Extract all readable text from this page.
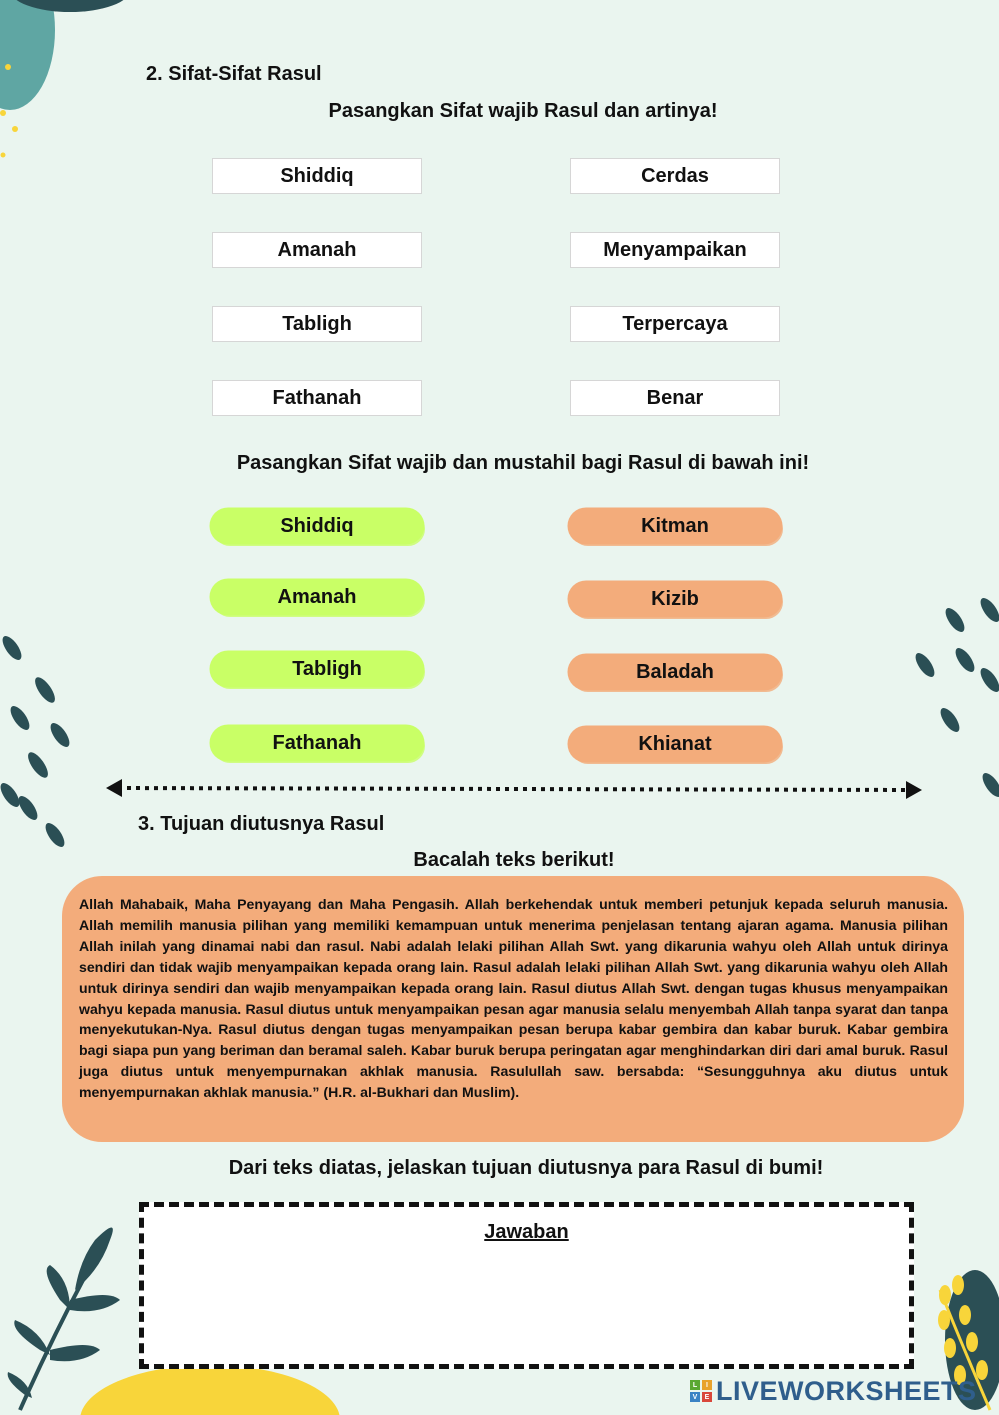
2. Sifat-Sifat Rasul
Pasangkan Sifat wajib Rasul dan artinya!
Shiddiq
Amanah
Tabligh
Fathanah
Cerdas
Menyampaikan
Terpercaya
Benar
Pasangkan Sifat wajib dan mustahil bagi Rasul di bawah ini!
Shiddiq
Amanah
Tabligh
Fathanah
Kitman
Kizib
Baladah
Khianat
3. Tujuan diutusnya Rasul
Bacalah teks berikut!

Allah Mahabaik, Maha Penyayang dan Maha Pengasih. Allah berkehendak untuk memberi petunjuk kepada seluruh manusia. Allah memilih manusia pilihan yang memiliki kemampuan untuk menerima penjelasan tentang ajaran agama. Manusia pilihan Allah inilah yang dinamai nabi dan rasul. Nabi adalah lelaki pilihan Allah Swt. yang dikarunia wahyu oleh Allah untuk dirinya sendiri dan tidak wajib menyampaikan kepada orang lain. Rasul adalah lelaki pilihan Allah Swt. yang dikarunia wahyu oleh Allah untuk dirinya sendiri dan wajib menyampaikan kepada orang lain. Rasul diutus Allah Swt. dengan tugas khusus menyampaikan wahyu kepada manusia. Rasul diutus untuk menyampaikan pesan agar manusia selalu menyembah Allah tanpa syarat dan tanpa menyekutukan-Nya. Rasul diutus dengan tugas menyampaikan pesan berupa kabar gembira dan kabar buruk. Kabar gembira bagi siapa pun yang beriman dan beramal saleh. Kabar buruk berupa peringatan agar menghindarkan diri dari amal buruk. Rasul juga diutus untuk menyempurnakan akhlak manusia. Rasulullah saw. bersabda: “Sesungguhnya aku diutus untuk menyempurnakan akhlak manusia.” (H.R. al-Bukhari dan Muslim).

Dari teks diatas, jelaskan tujuan diutusnya para Rasul di bumi!
Jawaban
L	I
V	E LIVEWORKSHEETS
